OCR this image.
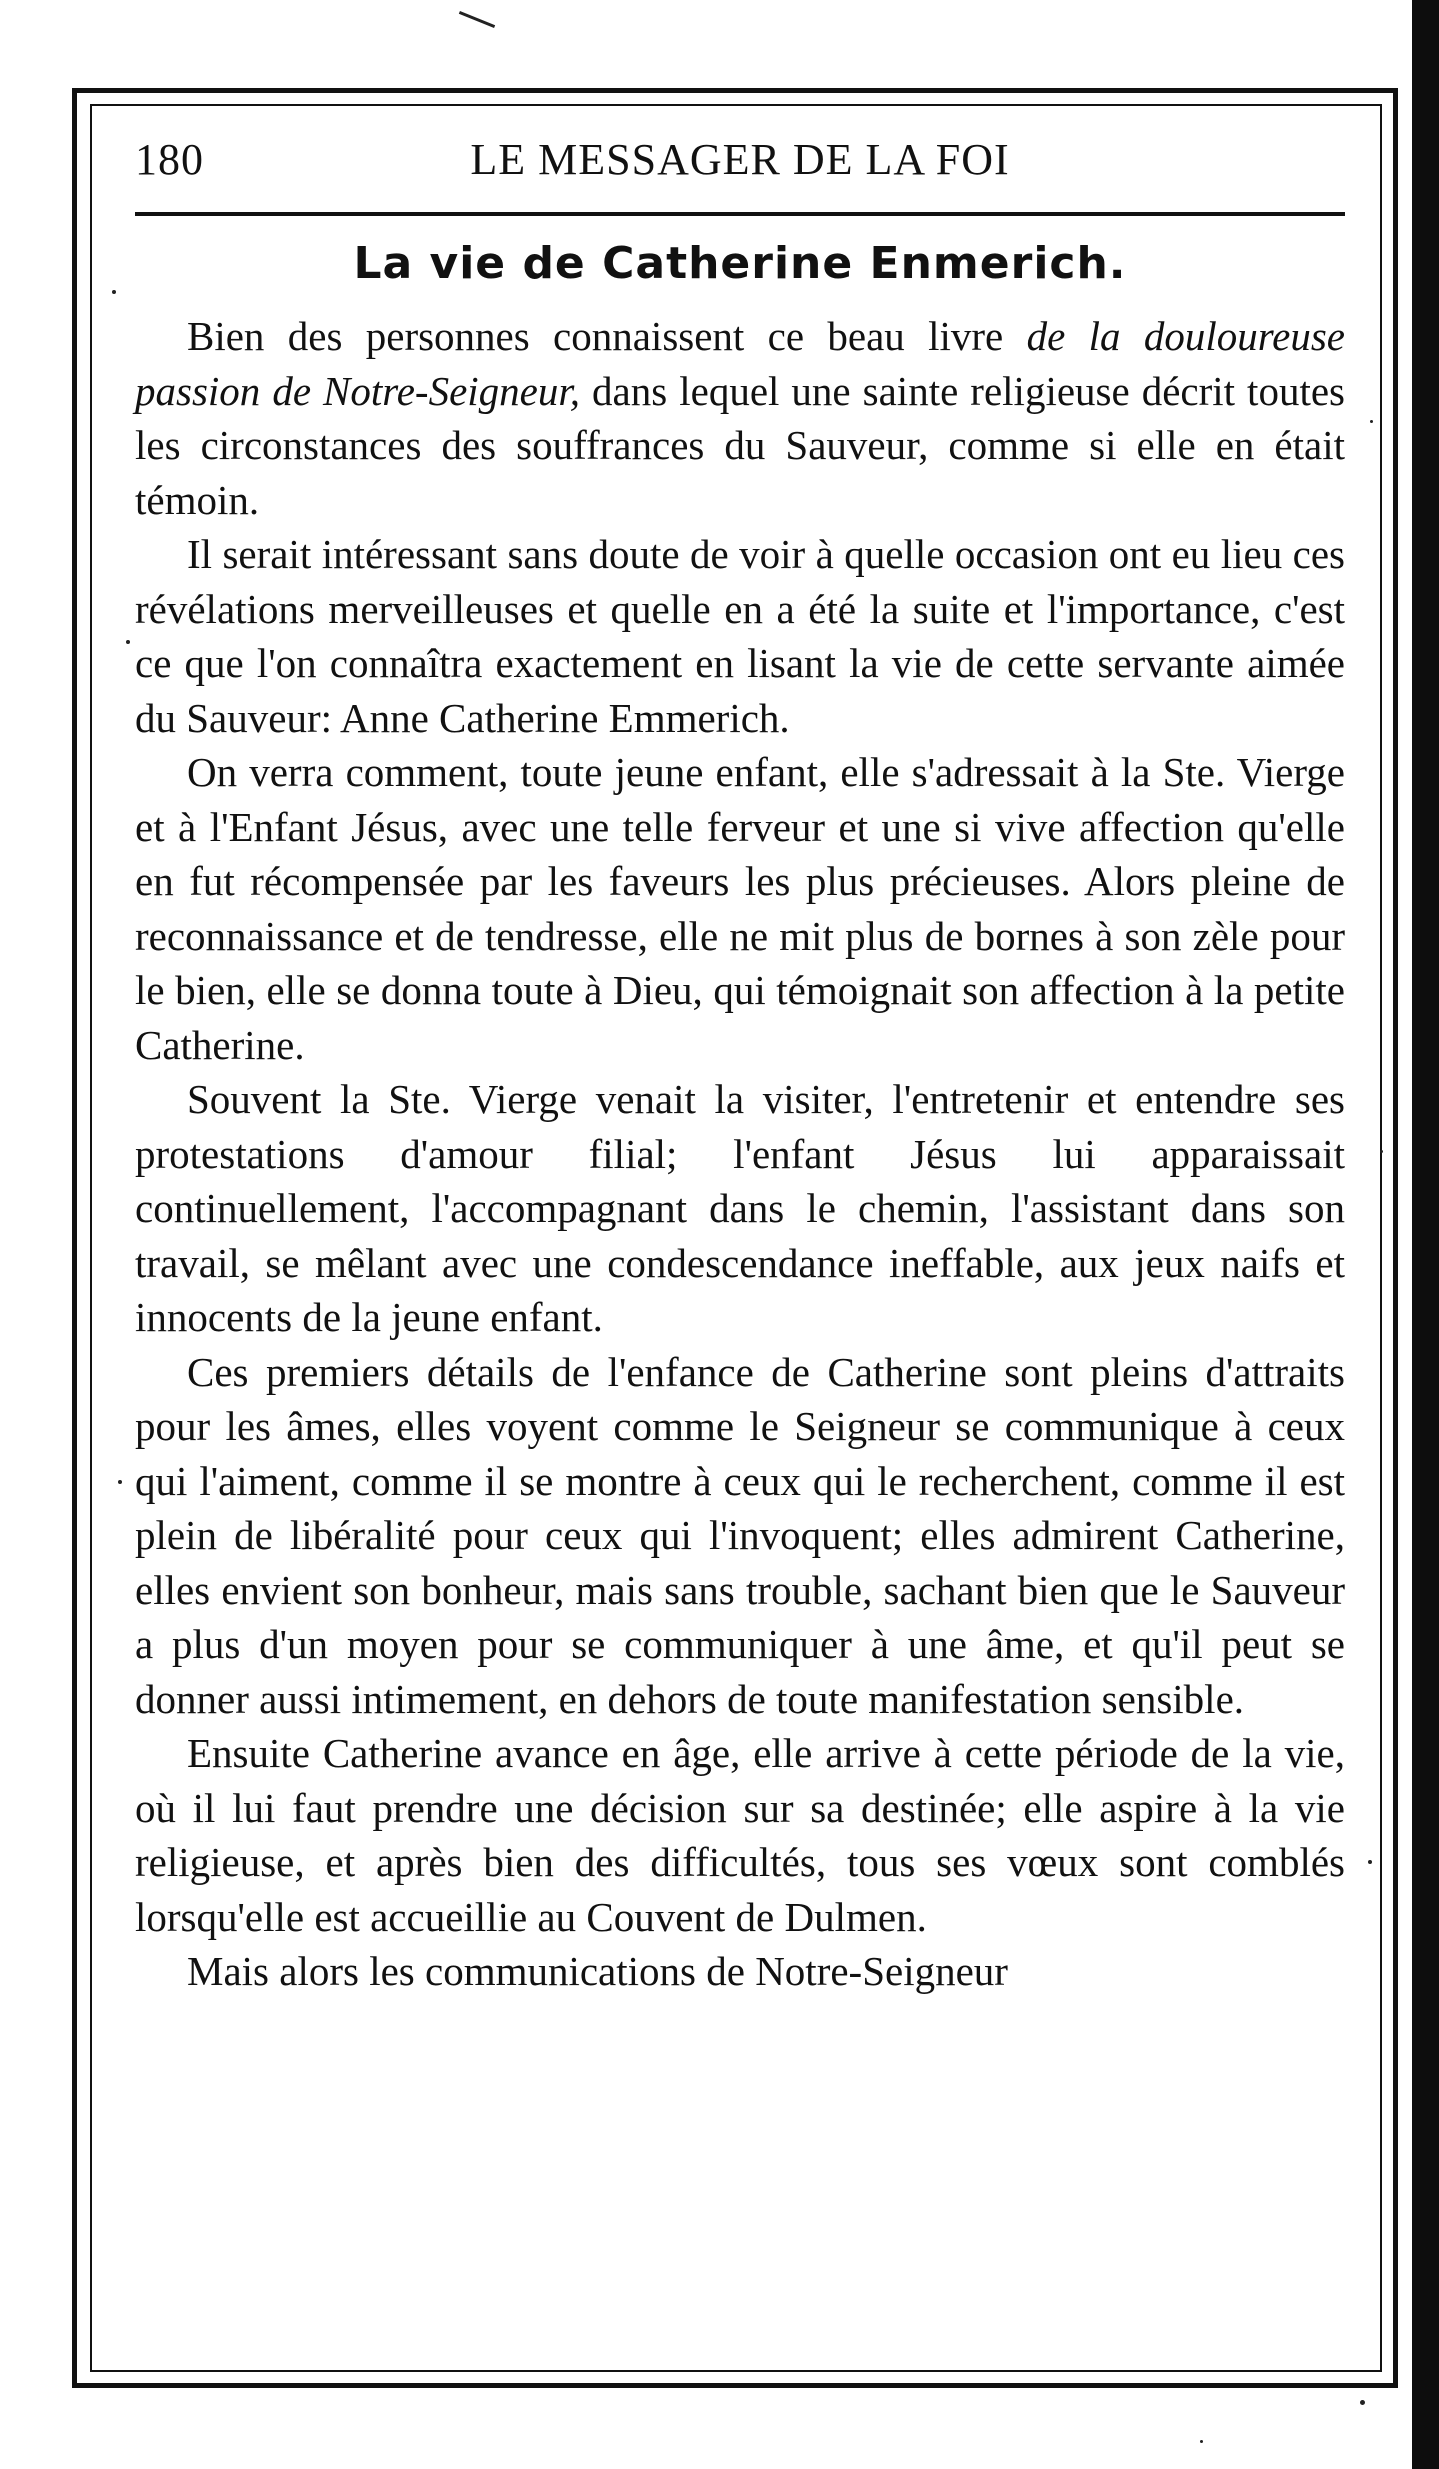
180	LE MESSAGER DE LA FOI
La vie de Catherine Enmerich.

Bien des personnes connaissent ce beau livre de la douloureuse passion de Notre-Seigneur, dans lequel une sainte religieuse décrit toutes les circonstances des souffrances du Sauveur, comme si elle en était témoin.

Il serait intéressant sans doute de voir à quelle occasion ont eu lieu ces révélations merveilleuses et quelle en a été la suite et l'importance, c'est ce que l'on connaîtra exactement en lisant la vie de cette servante aimée du Sauveur: Anne Catherine Emmerich.

On verra comment, toute jeune enfant, elle s'adressait à la Ste. Vierge et à l'Enfant Jésus, avec une telle ferveur et une si vive affection qu'elle en fut récompensée par les faveurs les plus précieuses. Alors pleine de reconnaissance et de tendresse, elle ne mit plus de bornes à son zèle pour le bien, elle se donna toute à Dieu, qui témoignait son affection à la petite Catherine.

Souvent la Ste. Vierge venait la visiter, l'entretenir et entendre ses protestations d'amour filial; l'enfant Jésus lui apparaissait continuellement, l'accompagnant dans le chemin, l'assistant dans son travail, se mêlant avec une condescendance ineffable, aux jeux naifs et innocents de la jeune enfant.

Ces premiers détails de l'enfance de Catherine sont pleins d'attraits pour les âmes, elles voyent comme le Seigneur se communique à ceux qui l'aiment, comme il se montre à ceux qui le recherchent, comme il est plein de libéralité pour ceux qui l'invoquent; elles admirent Catherine, elles envient son bonheur, mais sans trouble, sachant bien que le Sauveur a plus d'un moyen pour se communiquer à une âme, et qu'il peut se donner aussi intimement, en dehors de toute manifestation sensible.

Ensuite Catherine avance en âge, elle arrive à cette période de la vie, où il lui faut prendre une décision sur sa destinée; elle aspire à la vie religieuse, et après bien des difficultés, tous ses vœux sont comblés lorsqu'elle est accueillie au Couvent de Dulmen.

Mais alors les communications de Notre-Seigneur
